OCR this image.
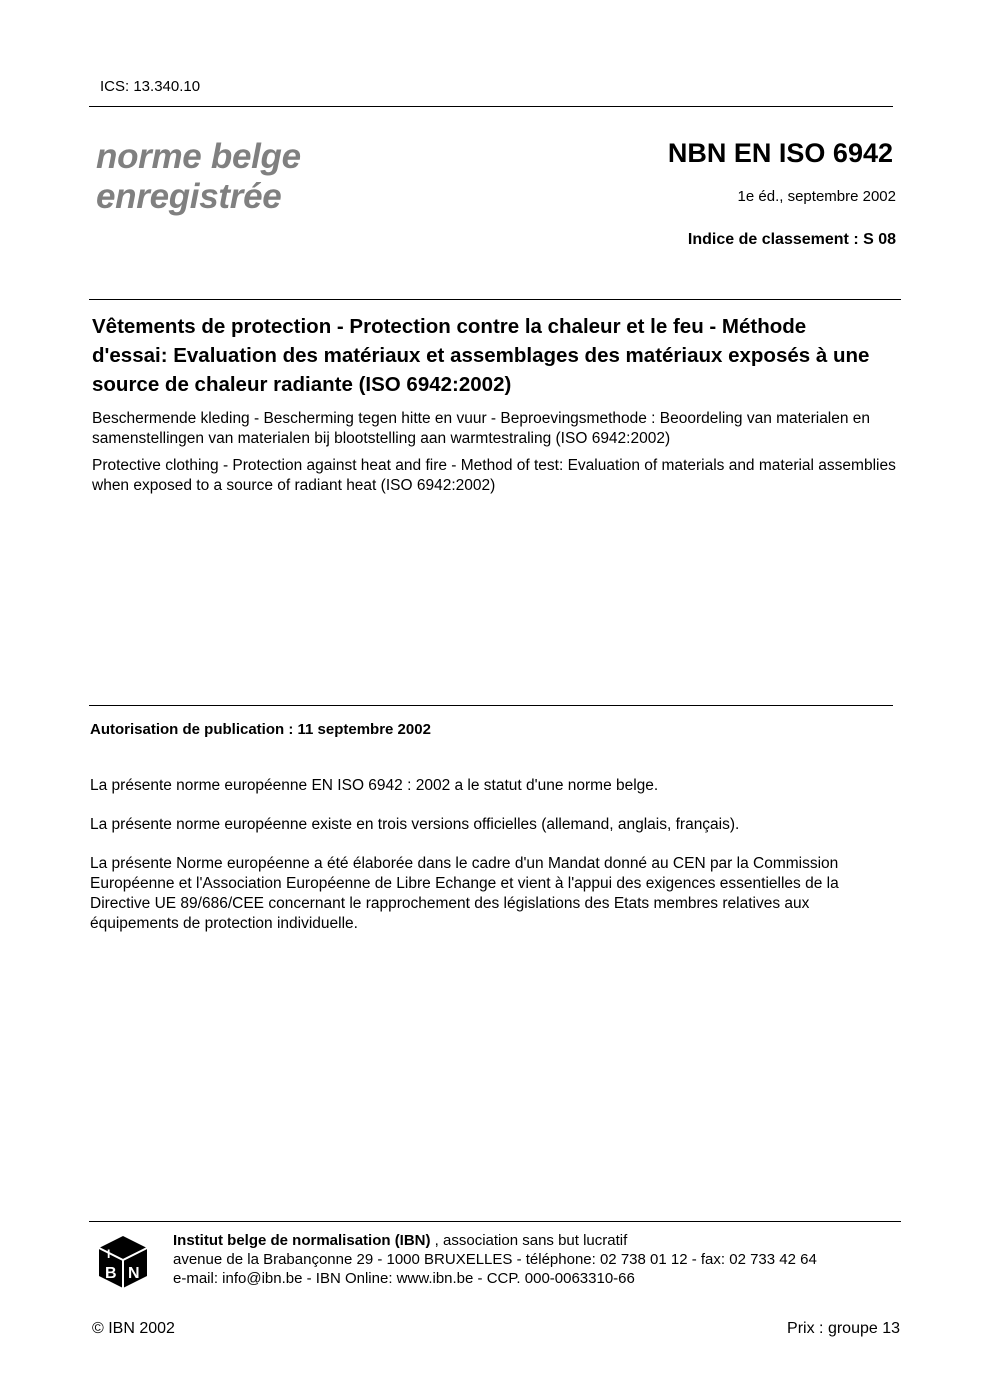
ICS: 13.340.10
norme belge
enregistrée
NBN EN ISO 6942
1e éd., septembre 2002
Indice de classement : S 08
Vêtements de protection - Protection contre la chaleur et le feu - Méthode d'essai: Evaluation des matériaux et assemblages des matériaux exposés à une source de chaleur radiante (ISO 6942:2002)
Beschermende kleding - Bescherming tegen hitte en vuur - Beproevingsmethode : Beoordeling van materialen en samenstellingen van materialen bij blootstelling aan warmtestraling (ISO 6942:2002)
Protective clothing - Protection against heat and fire - Method of test: Evaluation of materials and material assemblies when exposed to a source of radiant heat (ISO 6942:2002)
Autorisation de publication : 11 septembre 2002
La présente norme européenne EN ISO 6942 : 2002 a le statut d'une norme belge.
La présente norme européenne existe en trois versions officielles (allemand, anglais, français).
La présente Norme européenne a été élaborée dans le cadre d'un Mandat donné au CEN par la Commission Européenne et l'Association Européenne de Libre Echange et vient à l'appui des exigences essentielles de la Directive UE 89/686/CEE concernant le rapprochement des législations des Etats membres relatives aux équipements de protection individuelle.
I
B N
Institut belge de normalisation (IBN) , association sans but lucratif
avenue de la Brabançonne 29 - 1000 BRUXELLES - téléphone: 02 738 01 12 - fax: 02 733 42 64
e-mail: info@ibn.be - IBN Online: www.ibn.be - CCP. 000-0063310-66
© IBN 2002	Prix : groupe 13
